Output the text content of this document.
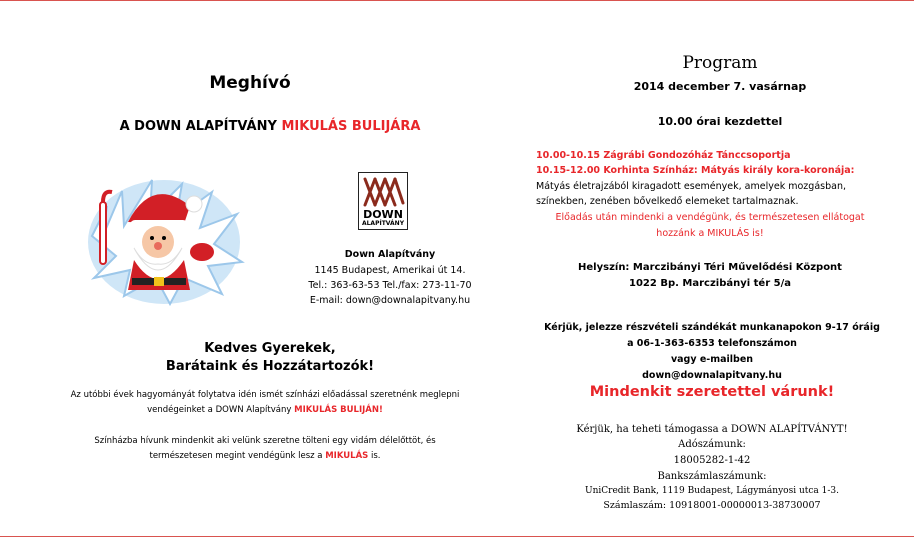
Meghívó
A DOWN ALAPÍTVÁNY MIKULÁS BULIJÁRA
DOWN
ALAPÍTVÁNY
Down Alapítvány
1145 Budapest, Amerikai út 14.
Tel.: 363-63-53 Tel./fax: 273-11-70
E-mail: down@downalapitvany.hu
Kedves Gyerekek,
Barátaink és Hozzátartozók!
Az utóbbi évek hagyományát folytatva idén ismét színházi előadással szeretnénk meglepni
vendégeinket a DOWN Alapítvány MIKULÁS BULIJÁN!
Színházba hívunk mindenkit aki velünk szeretne tölteni egy vidám délelőttöt, és
természetesen megint vendégünk lesz a MIKULÁS is.
Program
2014 december 7. vasárnap
10.00 órai kezdettel
10.00-10.15 Zágrábi Gondozóház Tánccsoportja
10.15-12.00 Korhinta Színház: Mátyás király kora-koronája:
Mátyás életrajzából kiragadott események, amelyek mozgásban,
színekben, zenében bővelkedő elemeket tartalmaznak.
Előadás után mindenki a vendégünk, és természetesen ellátogat
hozzánk a MIKULÁS is!
Helyszín: Marczibányi Téri Művelődési Központ
1022 Bp. Marczibányi tér 5/a
Kérjük, jelezze részvételi szándékát munkanapokon 9-17 óráig
a 06-1-363-6353 telefonszámon
vagy e-mailben
down@downalapitvany.hu
Mindenkit szeretettel várunk!
Kérjük, ha teheti támogassa a DOWN ALAPÍTVÁNYT!
Adószámunk:
18005282-1-42
Bankszámlaszámunk:
UniCredit Bank, 1119 Budapest, Lágymányosi utca 1-3.
Számlaszám: 10918001-00000013-38730007
